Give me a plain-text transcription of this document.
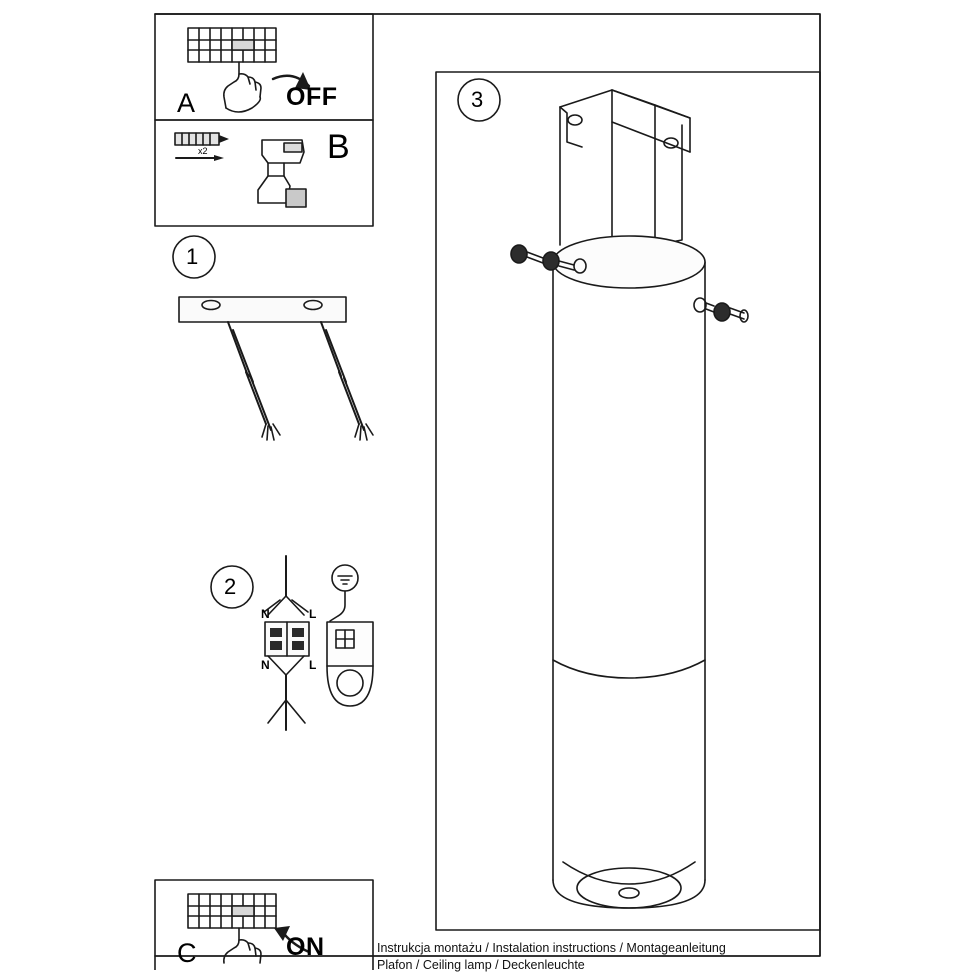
A	OFF
B
x2
1
2
N	L
N	L
3
C	ON	Instrukcja montażu / Instalation instructions / Montageanleitung
Plafon / Ceiling lamp / Deckenleuchte
